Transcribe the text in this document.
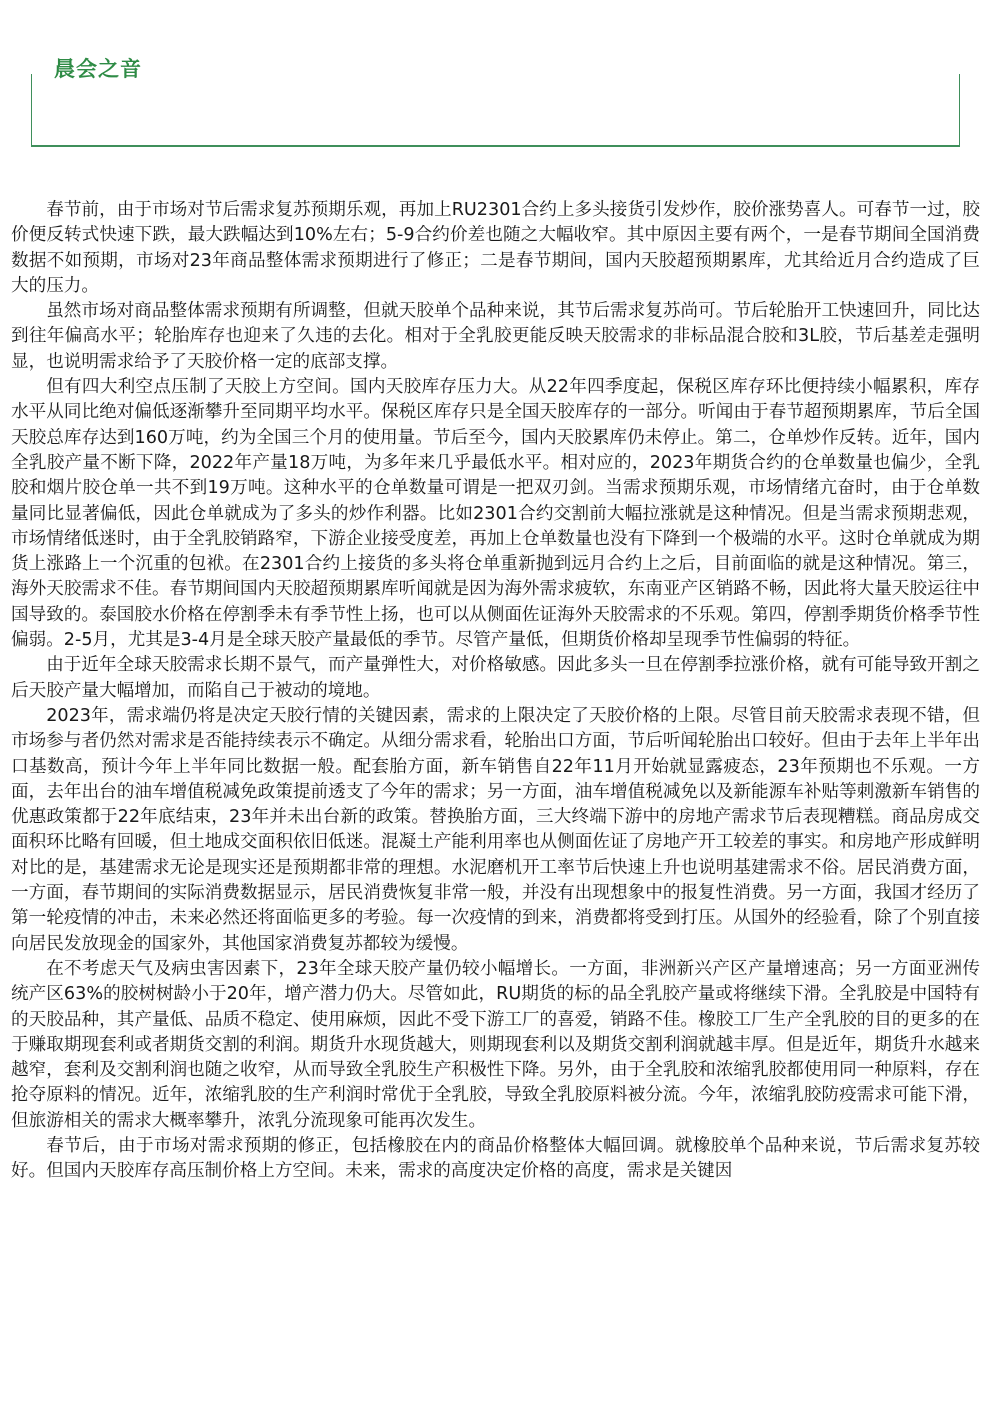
晨会之音

春节前，由于市场对节后需求复苏预期乐观，再加上RU2301合约上多头接货引发炒作，胶价涨势喜人。可春节一过，胶价便反转式快速下跌，最大跌幅达到10%左右；5-9合约价差也随之大幅收窄。其中原因主要有两个，一是春节期间全国消费数据不如预期，市场对23年商品整体需求预期进行了修正；二是春节期间，国内天胶超预期累库，尤其给近月合约造成了巨大的压力。

虽然市场对商品整体需求预期有所调整，但就天胶单个品种来说，其节后需求复苏尚可。节后轮胎开工快速回升，同比达到往年偏高水平；轮胎库存也迎来了久违的去化。相对于全乳胶更能反映天胶需求的非标品混合胶和3L胶，节后基差走强明显，也说明需求给予了天胶价格一定的底部支撑。

但有四大利空点压制了天胶上方空间。国内天胶库存压力大。从22年四季度起，保税区库存环比便持续小幅累积，库存水平从同比绝对偏低逐渐攀升至同期平均水平。保税区库存只是全国天胶库存的一部分。听闻由于春节超预期累库，节后全国天胶总库存达到160万吨，约为全国三个月的使用量。节后至今，国内天胶累库仍未停止。第二，仓单炒作反转。近年，国内全乳胶产量不断下降，2022年产量18万吨，为多年来几乎最低水平。相对应的，2023年期货合约的仓单数量也偏少，全乳胶和烟片胶仓单一共不到19万吨。这种水平的仓单数量可谓是一把双刃剑。当需求预期乐观，市场情绪亢奋时，由于仓单数量同比显著偏低，因此仓单就成为了多头的炒作利器。比如2301合约交割前大幅拉涨就是这种情况。但是当需求预期悲观，市场情绪低迷时，由于全乳胶销路窄，下游企业接受度差，再加上仓单数量也没有下降到一个极端的水平。这时仓单就成为期货上涨路上一个沉重的包袱。在2301合约上接货的多头将仓单重新抛到远月合约上之后，目前面临的就是这种情况。第三，海外天胶需求不佳。春节期间国内天胶超预期累库听闻就是因为海外需求疲软，东南亚产区销路不畅，因此将大量天胶运往中国导致的。泰国胶水价格在停割季未有季节性上扬，也可以从侧面佐证海外天胶需求的不乐观。第四，停割季期货价格季节性偏弱。2-5月，尤其是3-4月是全球天胶产量最低的季节。尽管产量低，但期货价格却呈现季节性偏弱的特征。

由于近年全球天胶需求长期不景气，而产量弹性大，对价格敏感。因此多头一旦在停割季拉涨价格，就有可能导致开割之后天胶产量大幅增加，而陷自己于被动的境地。

2023年，需求端仍将是决定天胶行情的关键因素，需求的上限决定了天胶价格的上限。尽管目前天胶需求表现不错，但市场参与者仍然对需求是否能持续表示不确定。从细分需求看，轮胎出口方面，节后听闻轮胎出口较好。但由于去年上半年出口基数高，预计今年上半年同比数据一般。配套胎方面，新车销售自22年11月开始就显露疲态，23年预期也不乐观。一方面，去年出台的油车增值税减免政策提前透支了今年的需求；另一方面，油车增值税减免以及新能源车补贴等刺激新车销售的优惠政策都于22年底结束，23年并未出台新的政策。替换胎方面，三大终端下游中的房地产需求节后表现糟糕。商品房成交面积环比略有回暖，但土地成交面积依旧低迷。混凝土产能利用率也从侧面佐证了房地产开工较差的事实。和房地产形成鲜明对比的是，基建需求无论是现实还是预期都非常的理想。水泥磨机开工率节后快速上升也说明基建需求不俗。居民消费方面，一方面，春节期间的实际消费数据显示，居民消费恢复非常一般，并没有出现想象中的报复性消费。另一方面，我国才经历了第一轮疫情的冲击，未来必然还将面临更多的考验。每一次疫情的到来，消费都将受到打压。从国外的经验看，除了个别直接向居民发放现金的国家外，其他国家消费复苏都较为缓慢。

在不考虑天气及病虫害因素下，23年全球天胶产量仍较小幅增长。一方面，非洲新兴产区产量增速高；另一方面亚洲传统产区63%的胶树树龄小于20年，增产潜力仍大。尽管如此，RU期货的标的品全乳胶产量或将继续下滑。全乳胶是中国特有的天胶品种，其产量低、品质不稳定、使用麻烦，因此不受下游工厂的喜爱，销路不佳。橡胶工厂生产全乳胶的目的更多的在于赚取期现套利或者期货交割的利润。期货升水现货越大，则期现套利以及期货交割利润就越丰厚。但是近年，期货升水越来越窄，套利及交割利润也随之收窄，从而导致全乳胶生产积极性下降。另外，由于全乳胶和浓缩乳胶都使用同一种原料，存在抢夺原料的情况。近年，浓缩乳胶的生产利润时常优于全乳胶，导致全乳胶原料被分流。今年，浓缩乳胶防疫需求可能下滑，但旅游相关的需求大概率攀升，浓乳分流现象可能再次发生。

春节后，由于市场对需求预期的修正，包括橡胶在内的商品价格整体大幅回调。就橡胶单个品种来说，节后需求复苏较好。但国内天胶库存高压制价格上方空间。未来，需求的高度决定价格的高度，需求是关键因
